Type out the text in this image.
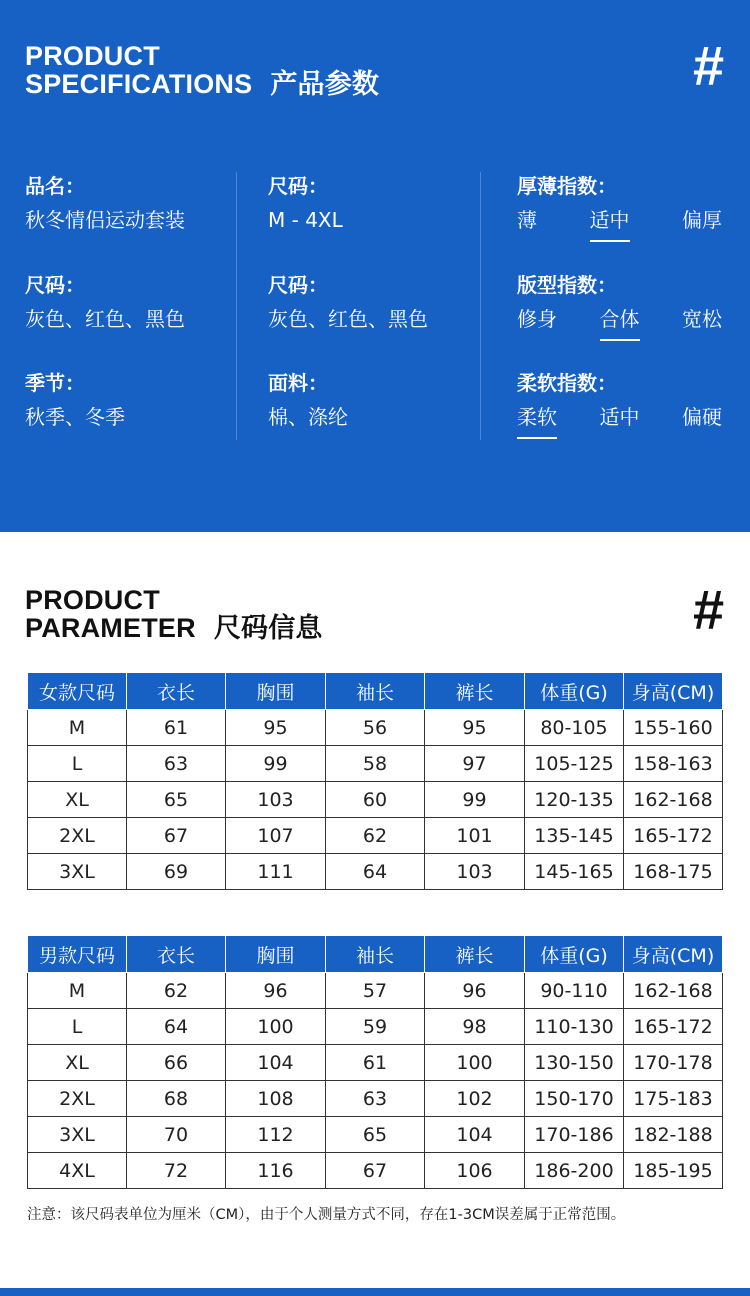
PRODUCT
SPECIFICATIONS 产品参数	#
品名：
秋冬情侣运动套装
尺码：
灰色、红色、黑色
季节：
秋季、冬季
尺码：
M - 4XL
尺码：
灰色、红色、黑色
面料：
棉、涤纶
厚薄指数：
薄	适中	偏厚
版型指数：
修身 合体 宽松
柔软指数：
柔软 适中 偏硬
PRODUCT
PARAMETER 尺码信息	#
女款尺码	衣长	胸围	袖长	裤长	体重(G)	身高(CM)
M	61	95	56	95	80-105	155-160
L	63	99	58	97	105-125	158-163
XL	65	103	60	99	120-135	162-168
2XL	67	107	62	101	135-145	165-172
3XL	69	111	64	103	145-165	168-175
男款尺码	衣长	胸围	袖长	裤长	体重(G)	身高(CM)
M	62	96	57	96	90-110	162-168
L	64	100	59	98	110-130	165-172
XL	66	104	61	100	130-150	170-178
2XL	68	108	63	102	150-170	175-183
3XL	70	112	65	104	170-186	182-188
4XL	72	116	67	106	186-200	185-195
注意：该尺码表单位为厘米（CM），由于个人测量方式不同，存在1-3CM误差属于正常范围。
